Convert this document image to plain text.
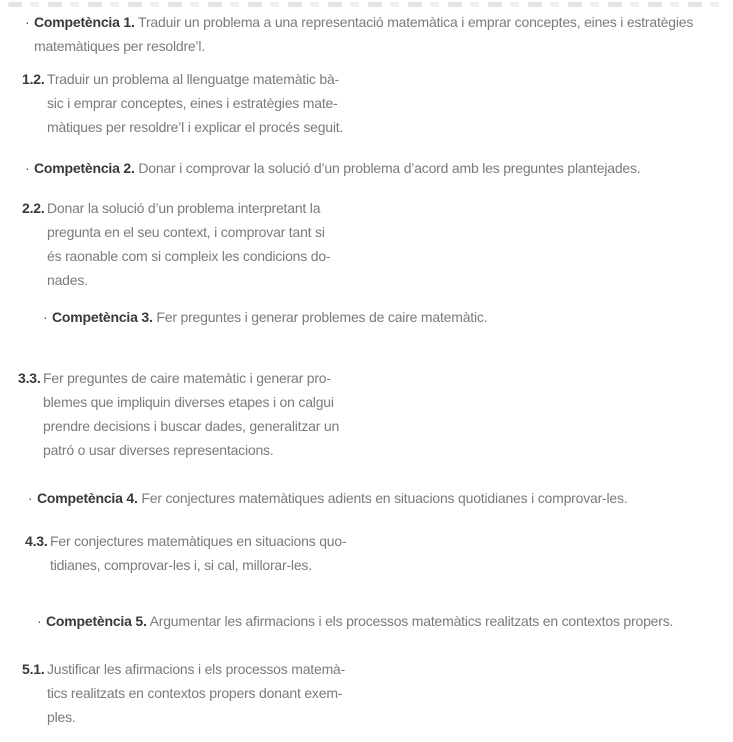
· Competència 1. Traduir un problema a una representació matemàtica i emprar conceptes, eines i estratègies
matemàtiques per resoldre’l.
1.2. Traduir un problema al llenguatge matemàtic bà-
sic i emprar conceptes, eines i estratègies mate-
màtiques per resoldre’l i explicar el procés seguit.
· Competència 2. Donar i comprovar la solució d’un problema d’acord amb les preguntes plantejades.
2.2. Donar la solució d’un problema interpretant la
pregunta en el seu context, i comprovar tant si
és raonable com si compleix les condicions do-
nades.
· Competència 3. Fer preguntes i generar problemes de caire matemàtic.
3.3. Fer preguntes de caire matemàtic i generar pro-
blemes que impliquin diverses etapes i on calgui
prendre decisions i buscar dades, generalitzar un
patró o usar diverses representacions.
· Competència 4. Fer conjectures matemàtiques adients en situacions quotidianes i comprovar-les.
4.3. Fer conjectures matemàtiques en situacions quo-
tidianes, comprovar-les i, si cal, millorar-les.
· Competència 5. Argumentar les afirmacions i els processos matemàtics realitzats en contextos propers.
5.1. Justificar les afirmacions i els processos matemà-
tics realitzats en contextos propers donant exem-
ples.
